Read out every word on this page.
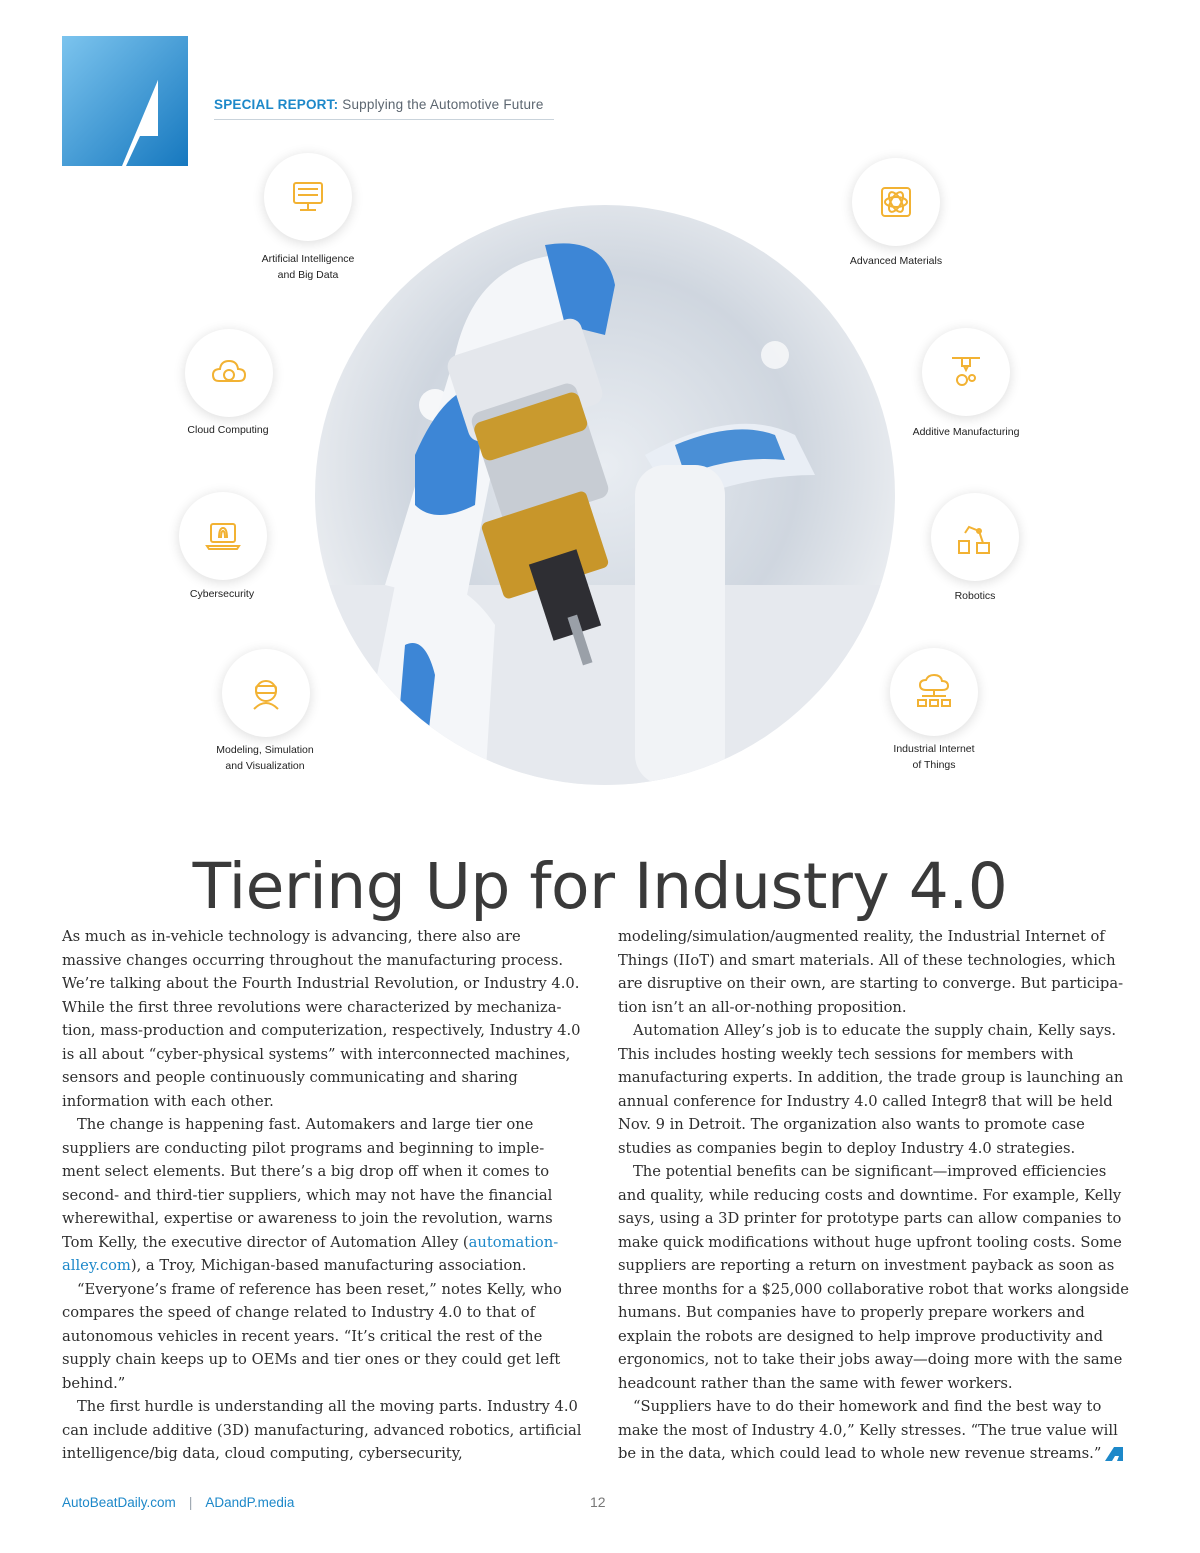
SPECIAL REPORT: Supplying the Automotive Future
Artificial Intelligence
and Big Data
Cloud Computing
Cybersecurity
Modeling, Simulation
and Visualization
Advanced Materials
Additive Manufacturing
Robotics
Industrial Internet
of Things
Tiering Up for Industry 4.0

As much as in-vehicle technology is advancing, there also are massive changes occurring throughout the manufacturing process. We’re talking about the Fourth Industrial Revolution, or Industry 4.0. While the first three revolutions were characterized by mechaniza-tion, mass-production and computerization, respectively, Industry 4.0 is all about “cyber-physical systems” with interconnected machines, sensors and people continuously communicating and sharing information with each other.

The change is happening fast. Automakers and large tier one suppliers are conducting pilot programs and beginning to imple-ment select elements. But there’s a big drop off when it comes to second- and third-tier suppliers, which may not have the financial wherewithal, expertise or awareness to join the revolution, warns Tom Kelly, the executive director of Automation Alley (automation-alley.com), a Troy, Michigan-based manufacturing association.

“Everyone’s frame of reference has been reset,” notes Kelly, who compares the speed of change related to Industry 4.0 to that of autonomous vehicles in recent years. “It’s critical the rest of the supply chain keeps up to OEMs and tier ones or they could get left behind.”

The first hurdle is understanding all the moving parts. Industry 4.0 can include additive (3D) manufacturing, advanced robotics, artificial intelligence/big data, cloud computing, cybersecurity,

modeling/simulation/augmented reality, the Industrial Internet of Things (IIoT) and smart materials. All of these technologies, which are disruptive on their own, are starting to converge. But participa-tion isn’t an all-or-nothing proposition.

Automation Alley’s job is to educate the supply chain, Kelly says. This includes hosting weekly tech sessions for members with manufacturing experts. In addition, the trade group is launching an annual conference for Industry 4.0 called Integr8 that will be held Nov. 9 in Detroit. The organization also wants to promote case studies as companies begin to deploy Industry 4.0 strategies.

The potential benefits can be significant—improved efficiencies and quality, while reducing costs and downtime. For example, Kelly says, using a 3D printer for prototype parts can allow companies to make quick modifications without huge upfront tooling costs. Some suppliers are reporting a return on investment payback as soon as three months for a $25,000 collaborative robot that works alongside humans. But companies have to properly prepare workers and explain the robots are designed to help improve productivity and ergonomics, not to take their jobs away—doing more with the same headcount rather than the same with fewer workers.

“Suppliers have to do their homework and find the best way to make the most of Industry 4.0,” Kelly stresses. “The true value will be in the data, which could lead to whole new revenue streams.”

AutoBeatDaily.com | ADandP.media	12
